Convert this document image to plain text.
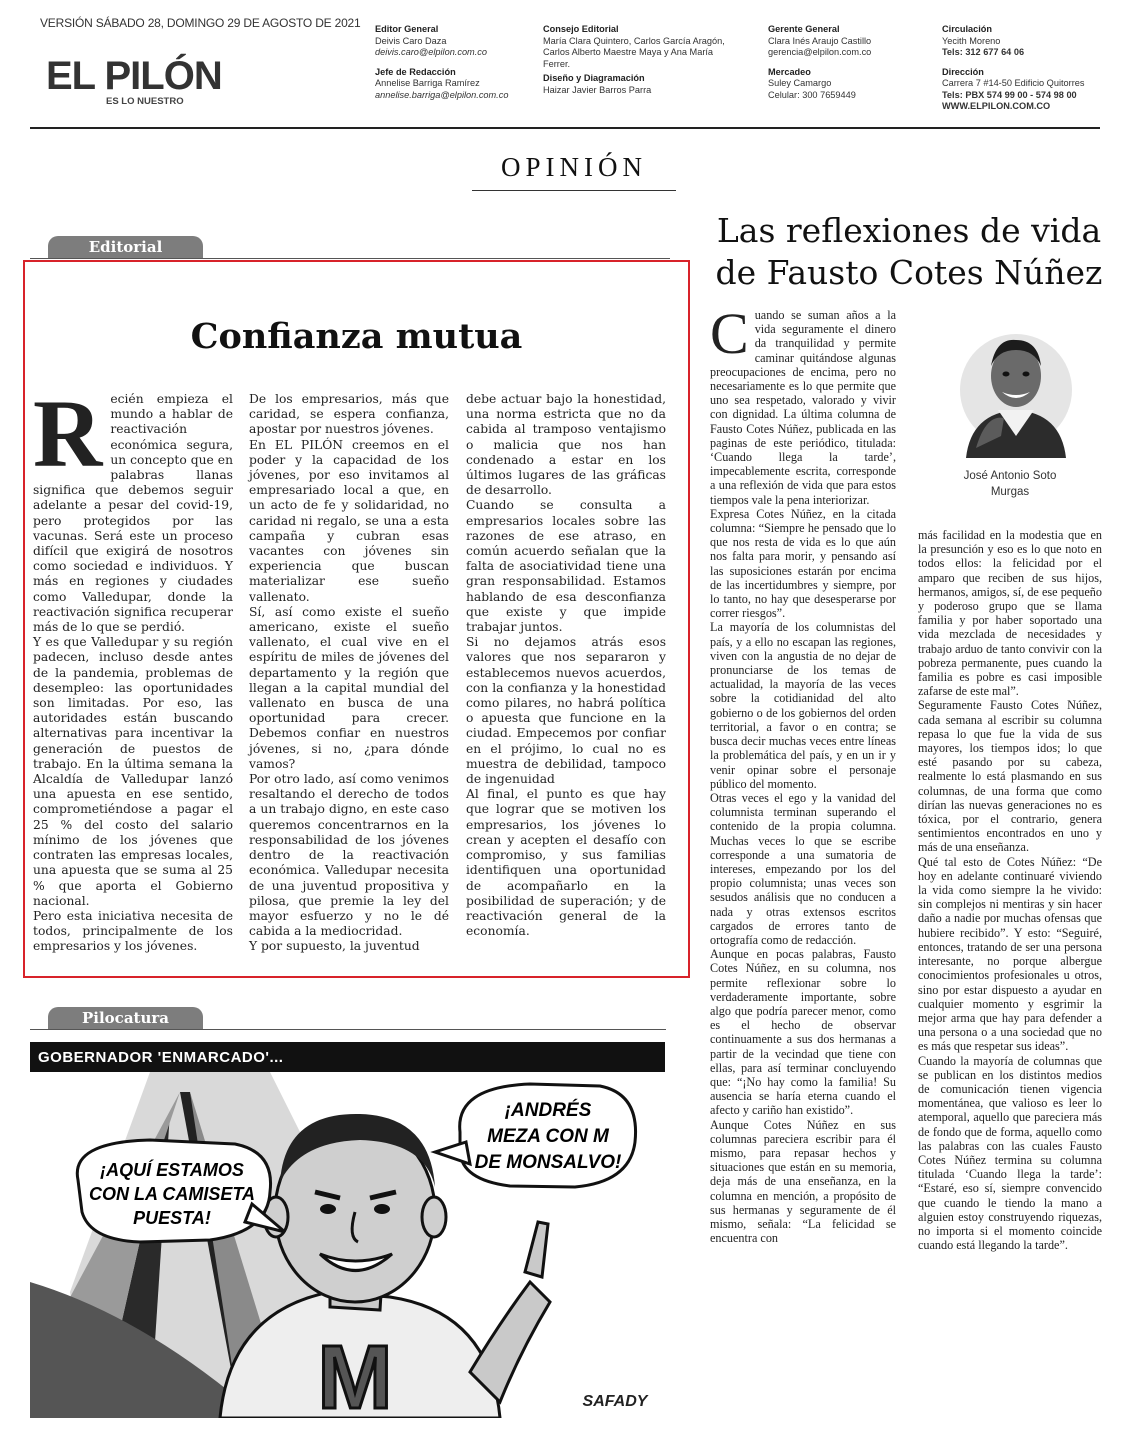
VERSIÓN SÁBADO 28, DOMINGO 29 DE AGOSTO DE 2021
EL PILÓN
ES LO NUESTRO
Editor General
Deivis Caro Daza
deivis.caro@elpilon.com.co
Jefe de Redacción
Annelise Barriga Ramírez
annelise.barriga@elpilon.com.co
Consejo Editorial
María Clara Quintero, Carlos García Aragón,
Carlos Alberto Maestre Maya y Ana María
Ferrer.
Diseño y Diagramación
Haizar Javier Barros Parra
Gerente General
Clara Inés Araujo Castillo
gerencia@elpilon.com.co
Mercadeo
Suley Camargo
Celular: 300 7659449
Circulación
Yecith Moreno
Tels: 312 677 64 06
Dirección
Carrera 7 #14-50 Edificio Quitorres
Tels: PBX 574 99 00 - 574 98 00
WWW.ELPILON.COM.CO
OPINIÓN
Editorial
Confianza mutua
R ecién empieza el mundo a hablar de reactivación económica segura, un concepto que en palabras llanas significa que debemos seguir adelante a pesar del covid-19, pero protegidos por las vacunas. Será este un proceso difícil que exigirá de nosotros como sociedad e individuos. Y más en regiones y ciudades como Valledupar, donde la reactivación significa recuperar más de lo que se perdió.

Y es que Valledupar y su región padecen, incluso desde antes de la pandemia, problemas de desempleo: las oportunidades son limitadas. Por eso, las autoridades están buscando alternativas para incentivar la generación de puestos de trabajo. En la última semana la Alcaldía de Valledupar lanzó una apuesta en ese sentido, comprometiéndose a pagar el 25 % del costo del salario mínimo de los jóvenes que contraten las empresas locales, una apuesta que se suma al 25 % que aporta el Gobierno nacional.

Pero esta iniciativa necesita de todos, principalmente de los empresarios y los jóvenes.

De los empresarios, más que caridad, se espera confianza, apostar por nuestros jóvenes.

En EL PILÓN creemos en el poder y la capacidad de los jóvenes, por eso invitamos al empresariado local a que, en un acto de fe y solidaridad, no caridad ni regalo, se una a esta campaña y cubran esas vacantes con jóvenes sin experiencia que buscan materializar ese sueño vallenato.

Sí, así como existe el sueño americano, existe el sueño vallenato, el cual vive en el espíritu de miles de jóvenes del departamento y la región que llegan a la capital mundial del vallenato en busca de una oportunidad para crecer. Debemos confiar en nuestros jóvenes, si no, ¿para dónde vamos?

Por otro lado, así como venimos resaltando el derecho de todos a un trabajo digno, en este caso queremos concentrarnos en la responsabilidad de los jóvenes dentro de la reactivación económica. Valledupar necesita de una juventud propositiva y pilosa, que premie la ley del mayor esfuerzo y no le dé cabida a la mediocridad.

Y por supuesto, la juventud

debe actuar bajo la honestidad, una norma estricta que no da cabida al tramposo ventajismo o malicia que nos han condenado a estar en los últimos lugares de las gráficas de desarrollo.

Cuando se consulta a empresarios locales sobre las razones de ese atraso, en común acuerdo señalan que la falta de asociatividad tiene una gran responsabilidad. Estamos hablando de esa desconfianza que existe y que impide trabajar juntos.

Si no dejamos atrás esos valores que nos separaron y establecemos nuevos acuerdos, con la confianza y la honestidad como pilares, no habrá política o apuesta que funcione en la ciudad. Empecemos por confiar en el prójimo, lo cual no es muestra de debilidad, tampoco de ingenuidad

Al final, el punto es que hay que lograr que se motiven los empresarios, los jóvenes lo crean y acepten el desafío con compromiso, y sus familias identifiquen una oportunidad de acompañarlo en la posibilidad de superación; y de reactivación general de la economía.

Pilocatura
GOBERNADOR 'ENMARCADO'...
M
¡AQUÍ ESTAMOS
CON LA CAMISETA
PUESTA!
¡ANDRÉS
MEZA CON M
DE MONSALVO!
SAFADY
Las reflexiones de vida
de Fausto Cotes Núñez
José Antonio Soto
Murgas
C uando se suman años a la vida seguramente el dinero da tranquilidad y permite caminar quitándose algunas preocupaciones de encima, pero no necesariamente es lo que permite que uno sea respetado, valorado y vivir con dignidad. La última columna de Fausto Cotes Núñez, publicada en las paginas de este periódico, titulada: ‘Cuando llega la tarde’, impecablemente escrita, corresponde a una reflexión de vida que para estos tiempos vale la pena interiorizar.

Expresa Cotes Núñez, en la citada columna: “Siempre he pensado que lo que nos resta de vida es lo que aún nos falta para morir, y pensando así las suposiciones estarán por encima de las incertidumbres y siempre, por lo tanto, no hay que desesperarse por correr riesgos”.

La mayoría de los columnistas del país, y a ello no escapan las regiones, viven con la angustia de no dejar de pronunciarse de los temas de actualidad, la mayoría de las veces sobre la cotidianidad del alto gobierno o de los gobiernos del orden territorial, a favor o en contra; se busca decir muchas veces entre líneas la problemática del país, y en un ir y venir opinar sobre el personaje público del momento.

Otras veces el ego y la vanidad del columnista terminan superando el contenido de la propia columna. Muchas veces lo que se escribe corresponde a una sumatoria de intereses, empezando por los del propio columnista; unas veces son sesudos análisis que no conducen a nada y otras extensos escritos cargados de errores tanto de ortografía como de redacción.

Aunque en pocas palabras, Fausto Cotes Núñez, en su columna, nos permite reflexionar sobre lo verdaderamente importante, sobre algo que podría parecer menor, como es el hecho de observar continuamente a sus dos hermanas a partir de la vecindad que tiene con ellas, para así terminar concluyendo que: “¡No hay como la familia! Su ausencia se haría eterna cuando el afecto y cariño han existido”.

Aunque Cotes Núñez en sus columnas pareciera escribir para él mismo, para repasar hechos y situaciones que están en su memoria, deja más de una enseñanza, en la columna en mención, a propósito de sus hermanas y seguramente de él mismo, señala: “La felicidad se encuentra con

más facilidad en la modestia que en la presunción y eso es lo que noto en todos ellos: la felicidad por el amparo que reciben de sus hijos, hermanos, amigos, sí, de ese pequeño y poderoso grupo que se llama familia y por haber soportado una vida mezclada de necesidades y trabajo arduo de tanto convivir con la pobreza permanente, pues cuando la familia es pobre es casi imposible zafarse de este mal”.

Seguramente Fausto Cotes Núñez, cada semana al escribir su columna repasa lo que fue la vida de sus mayores, los tiempos idos; lo que esté pasando por su cabeza, realmente lo está plasmando en sus columnas, de una forma que como dirían las nuevas generaciones no es tóxica, por el contrario, genera sentimientos encontrados en uno y más de una enseñanza.

Qué tal esto de Cotes Núñez: “De hoy en adelante continuaré viviendo la vida como siempre la he vivido: sin complejos ni mentiras y sin hacer daño a nadie por muchas ofensas que hubiere recibido”. Y esto: “Seguiré, entonces, tratando de ser una persona interesante, no porque albergue conocimientos profesionales u otros, sino por estar dispuesto a ayudar en cualquier momento y esgrimir la mejor arma que hay para defender a una persona o a una sociedad que no es más que respetar sus ideas”.

Cuando la mayoría de columnas que se publican en los distintos medios de comunicación tienen vigencia momentánea, que valioso es leer lo atemporal, aquello que pareciera más de fondo que de forma, aquello como las palabras con las cuales Fausto Cotes Núñez termina su columna titulada ‘Cuando llega la tarde’: “Estaré, eso sí, siempre convencido que cuando le tiendo la mano a alguien estoy construyendo riquezas, no importa si el momento coincide cuando está llegando la tarde”.
